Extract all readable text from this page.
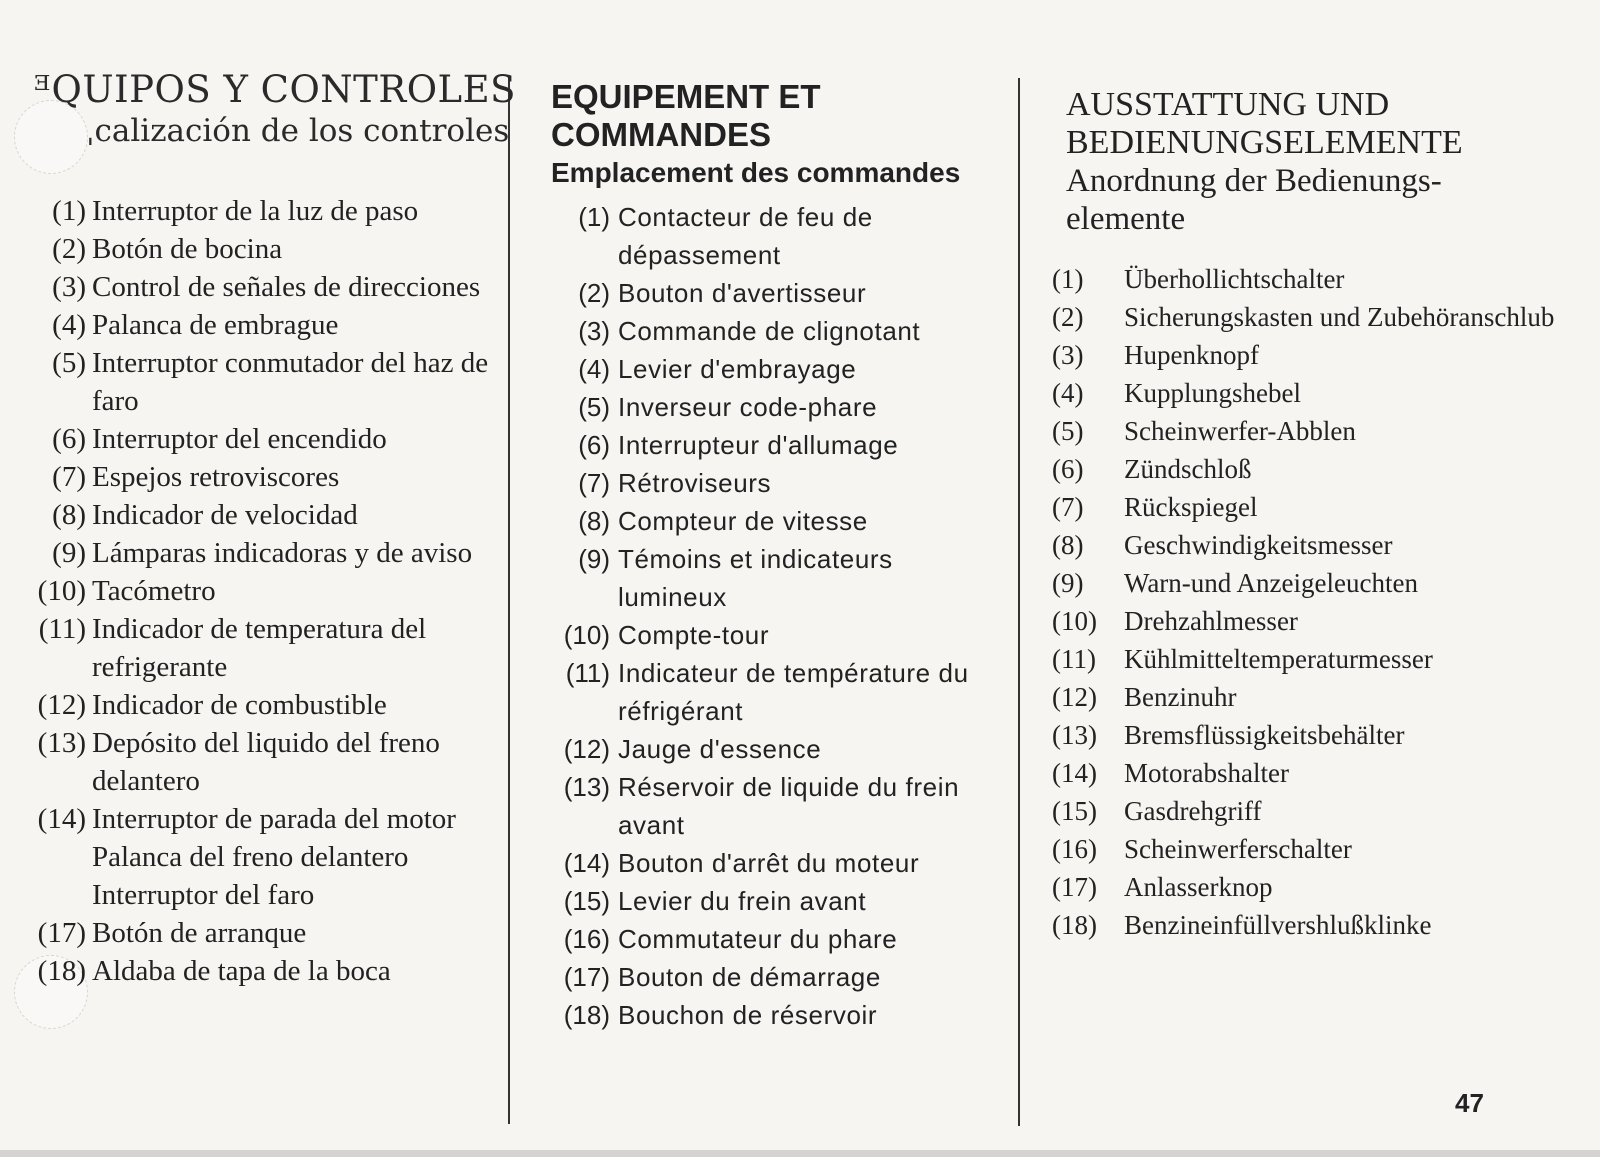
ᴲQUIPOS Y CONTROLES
ˌcalización de los controles
(1) Interruptor de la luz de paso
(2) Botón de bocina
(3) Control de señales de direcciones
(4) Palanca de embrague
(5) Interruptor conmutador del haz de faro
(6) Interruptor del encendido
(7) Espejos retroviscores
(8) Indicador de velocidad
(9) Lámparas indicadoras y de aviso
(10) Tacómetro
(11) Indicador de temperatura del refrigerante
(12) Indicador de combustible
(13) Depósito del liquido del freno delantero
(14) Interruptor de parada del motor
Palanca del freno delantero
Interruptor del faro
(17) Botón de arranque
(18) Aldaba de tapa de la boca
EQUIPEMENT ET COMMANDES
Emplacement des commandes
(1) Contacteur de feu de dépassement
(2) Bouton d'avertisseur
(3) Commande de clignotant
(4) Levier d'embrayage
(5) Inverseur code-phare
(6) Interrupteur d'allumage
(7) Rétroviseurs
(8) Compteur de vitesse
(9) Témoins et indicateurs lumineux
(10) Compte-tour
(11) Indicateur de température du réfrigérant
(12) Jauge d'essence
(13) Réservoir de liquide du frein avant
(14) Bouton d'arrêt du moteur
(15) Levier du frein avant
(16) Commutateur du phare
(17) Bouton de démarrage
(18) Bouchon de réservoir
AUSSTATTUNG UND BEDIENUNGSELEMENTE
Anordnung der Bedienungs-elemente
(1)	Überhollichtschalter
(2)	Sicherungskasten und Zubehöranschlub
(3)	Hupenknopf
(4)	Kupplungshebel
(5)	Scheinwerfer-Abblen
(6)	Zündschloß
(7)	Rückspiegel
(8)	Geschwindigkeitsmesser
(9)	Warn-und Anzeigeleuchten
(10)	Drehzahlmesser
(11)	Kühlmitteltemperaturmesser
(12)	Benzinuhr
(13)	Bremsflüssigkeitsbehälter
(14)	Motorabshalter
(15)	Gasdrehgriff
(16)	Scheinwerferschalter
(17)	Anlasserknop
(18)	Benzineinfüllvershlußklinke
47
